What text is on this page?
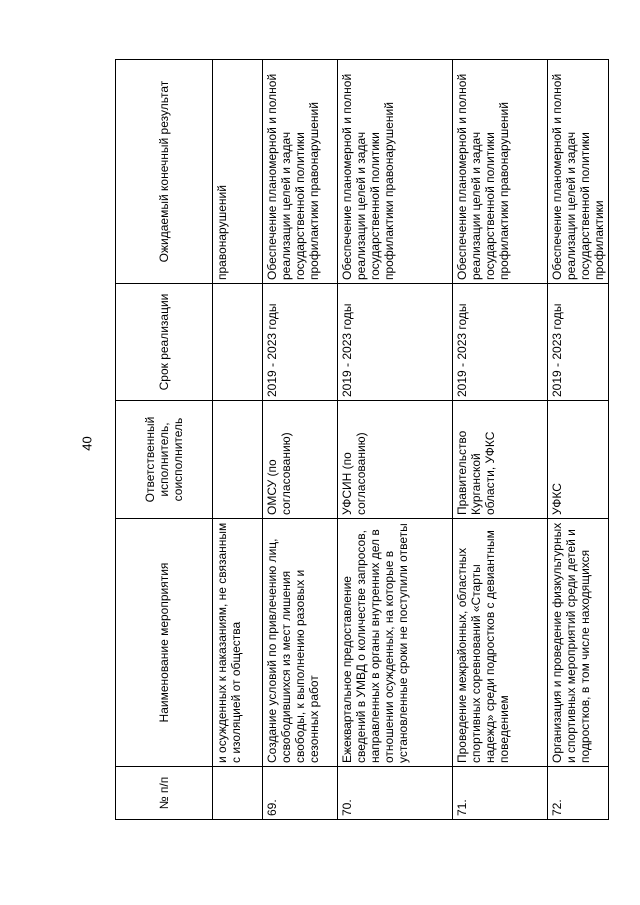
40
№ п/п	Наименование мероприятия	Ответственный исполнитель, соисполнитель	Срок реализации	Ожидаемый конечный результат
	и осужденных к наказаниям, не связанным с изоляцией от общества			правонарушений
69.	Создание условий по привлечению лиц, освободившихся из мест лишения свободы, к выполнению разовых и сезонных работ	ОМСУ (по согласованию)	2019 - 2023 годы	Обеспечение планомерной и полной реализации целей и задач государственной политики профилактики правонарушений
70.	Ежеквартальное предоставление сведений в УМВД о количестве запросов, направленных в органы внутренних дел в отношении осужденных, на которые в установленные сроки не поступили ответы	УФСИН (по согласованию)	2019 - 2023 годы	Обеспечение планомерной и полной реализации целей и задач государственной политики профилактики правонарушений
71.	Проведение межрайонных, областных спортивных соревнований «Старты надежд» среди подростков с девиантным поведением	Правительство Курганской области, УФКС	2019 - 2023 годы	Обеспечение планомерной и полной реализации целей и задач государственной политики профилактики правонарушений
72.	Организация и проведение физкультурных и спортивных мероприятий среди детей и подростков, в том числе находящихся	УФКС	2019 - 2023 годы	Обеспечение планомерной и полной реализации целей и задач государственной политики профилактики
